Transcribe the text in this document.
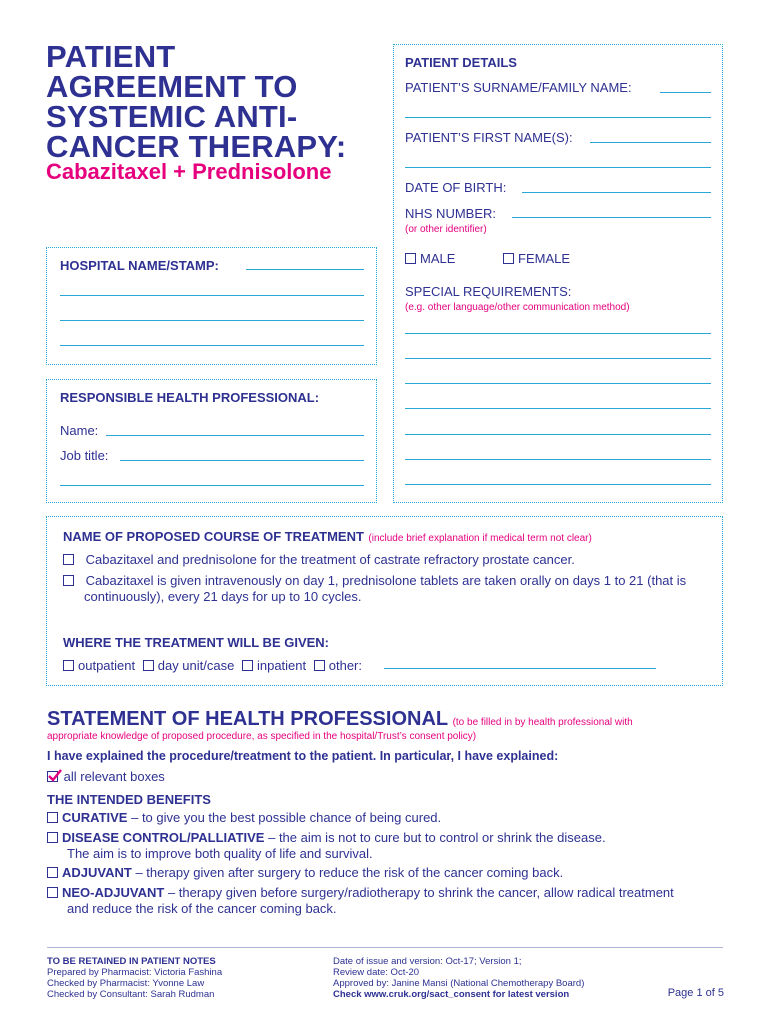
PATIENT
AGREEMENT TO
SYSTEMIC ANTI-
CANCER THERAPY:
Cabazitaxel + Prednisolone
HOSPITAL NAME/STAMP:
RESPONSIBLE HEALTH PROFESSIONAL:
Name:
Job title:
PATIENT DETAILS
PATIENT’S SURNAME/FAMILY NAME:
PATIENT’S FIRST NAME(S):
DATE OF BIRTH:
NHS NUMBER:
(or other identifier)
MALE	FEMALE
SPECIAL REQUIREMENTS:
(e.g. other language/other communication method)
NAME OF PROPOSED COURSE OF TREATMENT (include brief explanation if medical term not clear)
Cabazitaxel and prednisolone for the treatment of castrate refractory prostate cancer.
Cabazitaxel is given intravenously on day 1, prednisolone tablets are taken orally on days 1 to 21 (that is
continuously), every 21 days for up to 10 cycles.
WHERE THE TREATMENT WILL BE GIVEN:
outpatient day unit/case inpatient other:
STATEMENT OF HEALTH PROFESSIONAL (to be filled in by health professional with
appropriate knowledge of proposed procedure, as specified in the hospital/Trust’s consent policy)
I have explained the procedure/treatment to the patient. In particular, I have explained:
all relevant boxes
THE INTENDED BENEFITS
CURATIVE – to give you the best possible chance of being cured.
DISEASE CONTROL/PALLIATIVE – the aim is not to cure but to control or shrink the disease.
The aim is to improve both quality of life and survival.
ADJUVANT – therapy given after surgery to reduce the risk of the cancer coming back.
NEO-ADJUVANT – therapy given before surgery/radiotherapy to shrink the cancer, allow radical treatment
and reduce the risk of the cancer coming back.
TO BE RETAINED IN PATIENT NOTES
Prepared by Pharmacist: Victoria Fashina
Checked by Pharmacist: Yvonne Law
Checked by Consultant: Sarah Rudman
Date of issue and version: Oct-17; Version 1;
Review date: Oct-20
Approved by: Janine Mansi (National Chemotherapy Board)
Check www.cruk.org/sact_consent for latest version	Page 1 of 5
